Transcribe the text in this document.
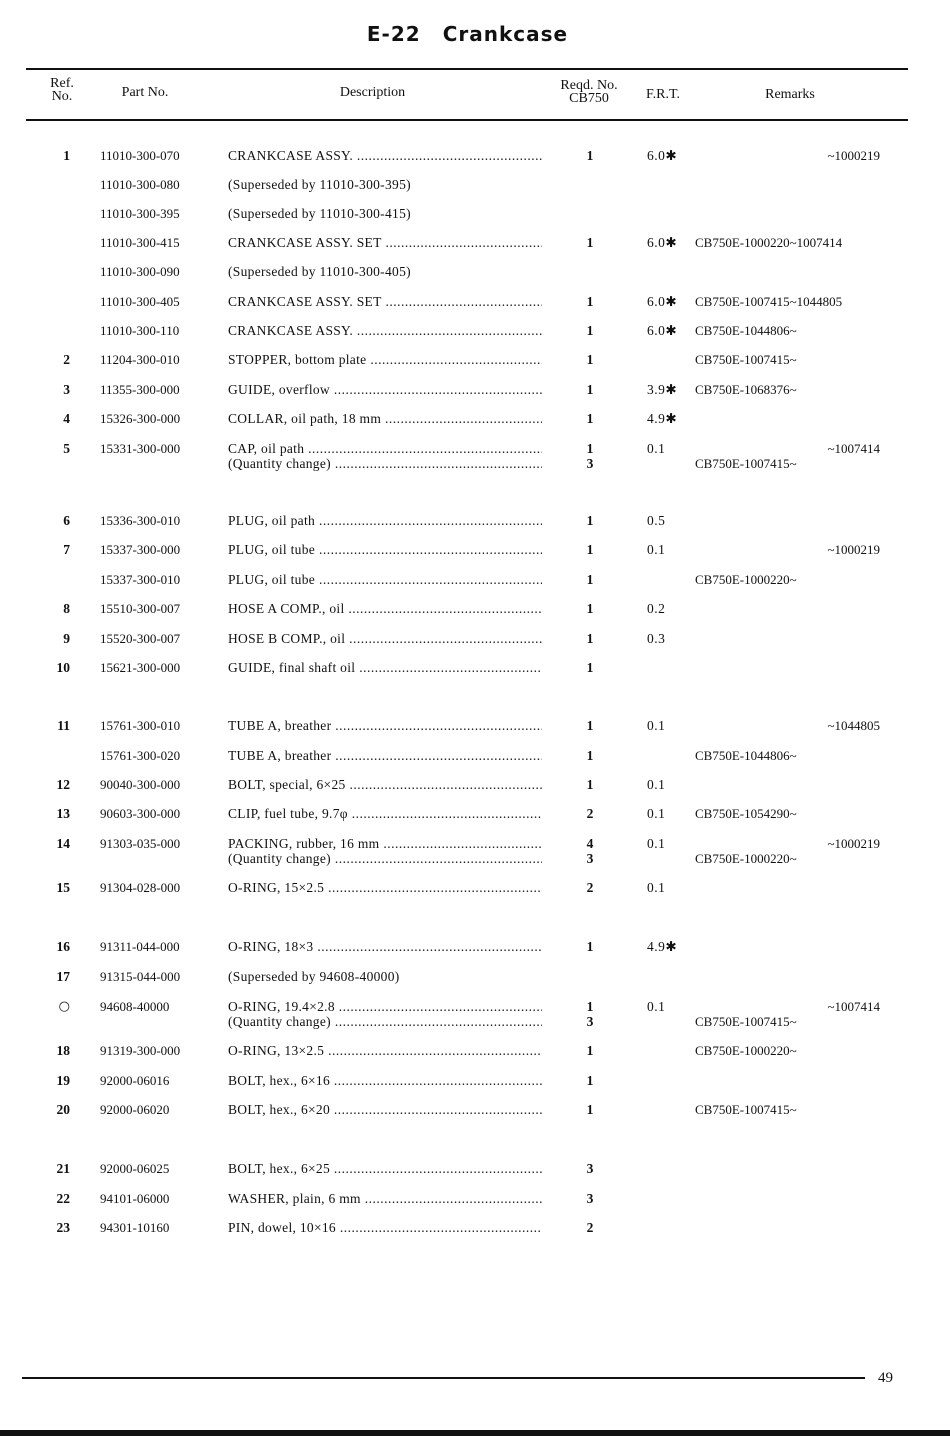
E-22 Crankcase
Ref.
No.	Part No.	Description	Reqd. No.
CB750	F.R.T.	Remarks
1 11010-300-070	CRANKCASE ASSY. .....	1	6.0✱	~1000219
11010-300-080	(Superseded by 11010-300-395)
11010-300-395	(Superseded by 11010-300-415)
11010-300-415	CRANKCASE ASSY. SET .....	1	6.0✱ CB750E-1000220~1007414
11010-300-090	(Superseded by 11010-300-405)
11010-300-405	CRANKCASE ASSY. SET .....	1	6.0✱ CB750E-1007415~1044805
11010-300-110	CRANKCASE ASSY. .....	1	6.0✱ CB750E-1044806~
2 11204-300-010	STOPPER, bottom plate .....	1	CB750E-1007415~
3 11355-300-000	GUIDE, overflow .....	1	3.9✱ CB750E-1068376~
4 15326-300-000	COLLAR, oil path, 18 mm .....	1	4.9✱
5 15331-300-000	CAP, oil path .....	1	0.1	~1007414
(Quantity change) .....	3	CB750E-1007415~
6 15336-300-010	PLUG, oil path .....	1	0.5
7 15337-300-000	PLUG, oil tube .....	1	0.1	~1000219
15337-300-010	PLUG, oil tube .....	1	CB750E-1000220~
8 15510-300-007	HOSE A COMP., oil .....	1	0.2
9 15520-300-007	HOSE B COMP., oil .....	1	0.3
10 15621-300-000	GUIDE, final shaft oil .....	1
11 15761-300-010	TUBE A, breather .....	1	0.1	~1044805
15761-300-020	TUBE A, breather .....	1	CB750E-1044806~
12 90040-300-000	BOLT, special, 6×25 .....	1	0.1
13 90603-300-000	CLIP, fuel tube, 9.7φ .....	2	0.1 CB750E-1054290~
14 91303-035-000	PACKING, rubber, 16 mm .....	4	0.1	~1000219
(Quantity change) .....	3	CB750E-1000220~
15 91304-028-000	O-RING, 15×2.5 .....	2	0.1
16 91311-044-000	O-RING, 18×3 .....	1	4.9✱
17 91315-044-000	(Superseded by 94608-40000)
○ 94608-40000	O-RING, 19.4×2.8 .....	1	0.1	~1007414
(Quantity change) .....	3	CB750E-1007415~
18 91319-300-000	O-RING, 13×2.5 .....	1	CB750E-1000220~
19 92000-06016	BOLT, hex., 6×16 .....	1
20 92000-06020	BOLT, hex., 6×20 .....	1	CB750E-1007415~
21 92000-06025	BOLT, hex., 6×25 .....	3
22 94101-06000	WASHER, plain, 6 mm .....	3
23 94301-10160	PIN, dowel, 10×16 .....	2
49
